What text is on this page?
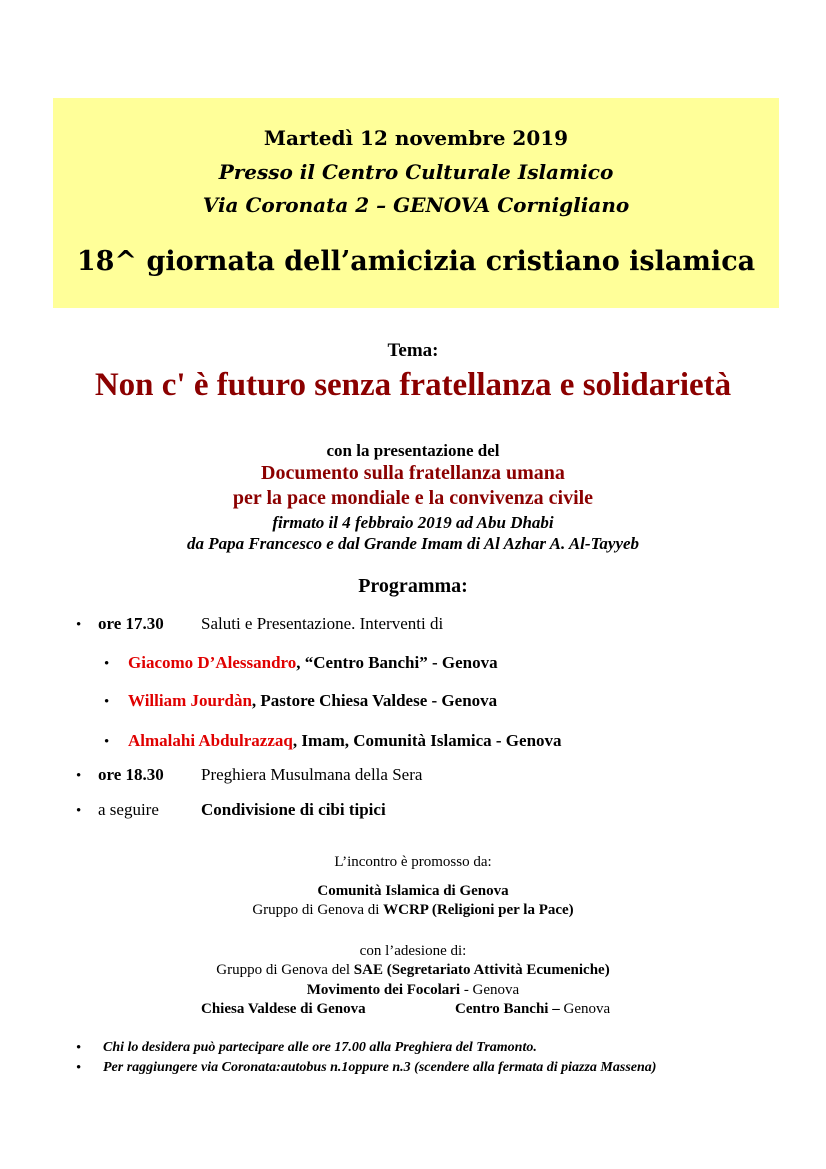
Martedì 12 novembre 2019
Presso il Centro Culturale Islamico
Via Coronata 2 – GENOVA Cornigliano
18^ giornata dell’amicizia cristiano islamica
Tema:
Non c' è futuro senza fratellanza e solidarietà
con la presentazione del
Documento sulla fratellanza umana
per la pace mondiale e la convivenza civile
firmato il 4 febbraio 2019 ad Abu Dhabi
da Papa Francesco e dal Grande Imam di Al Azhar A. Al-Tayyeb
Programma:
• ore 17.30 Saluti e Presentazione. Interventi di
• Giacomo D’Alessandro, “Centro Banchi” - Genova
• William Jourdàn, Pastore Chiesa Valdese - Genova
• Almalahi Abdulrazzaq, Imam, Comunità Islamica - Genova
• ore 18.30 Preghiera Musulmana della Sera
• a seguire Condivisione di cibi tipici
L’incontro è promosso da:
Comunità Islamica di Genova
Gruppo di Genova di WCRP (Religioni per la Pace)
con l’adesione di:
Gruppo di Genova del SAE (Segretariato Attività Ecumeniche)
Movimento dei Focolari - Genova
Chiesa Valdese di Genova	Centro Banchi – Genova
• Chi lo desidera può partecipare alle ore 17.00 alla Preghiera del Tramonto.
• Per raggiungere via Coronata:autobus n.1oppure n.3 (scendere alla fermata di piazza Massena)
